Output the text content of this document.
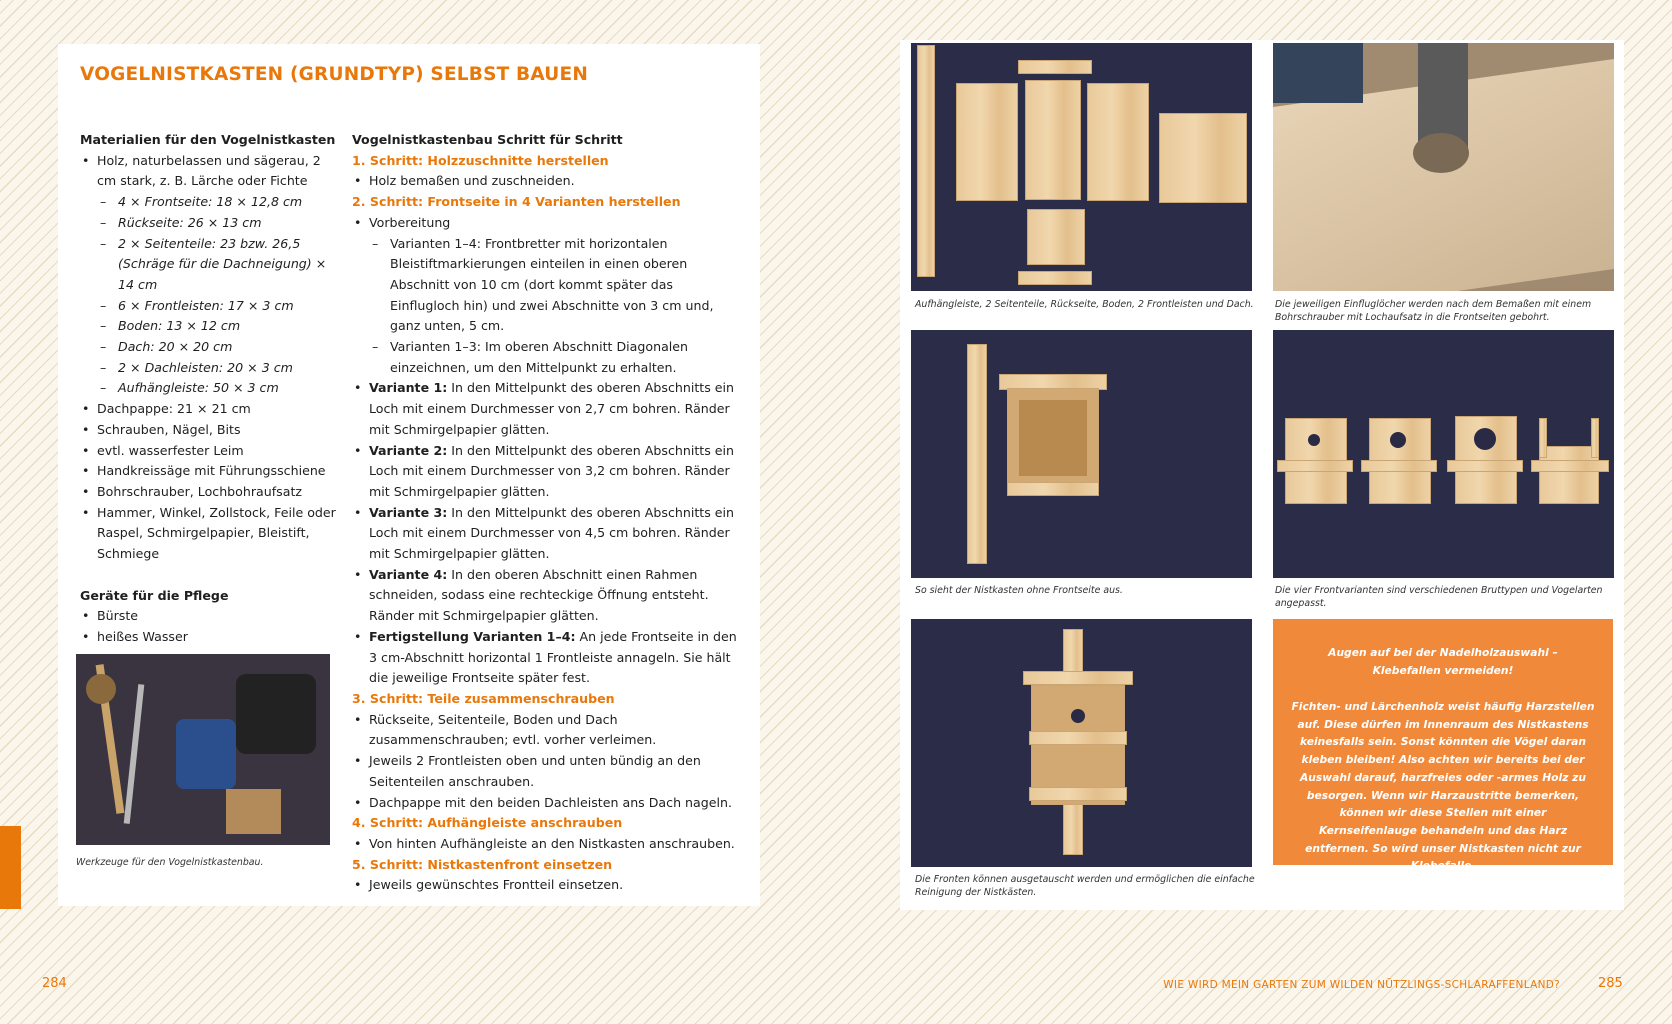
VOGELNISTKASTEN (GRUNDTYP) SELBST BAUEN
Materialien für den Vogelnistkasten
• Holz, naturbelassen und sägerau, 2 cm stark, z. B. Lärche oder Fichte
– 4 × Frontseite: 18 × 12,8 cm
– Rückseite: 26 × 13 cm
– 2 × Seitenteile: 23 bzw. 26,5 (Schräge für die Dachneigung) × 14 cm
– 6 × Frontleisten: 17 × 3 cm
– Boden: 13 × 12 cm
– Dach: 20 × 20 cm
– 2 × Dachleisten: 20 × 3 cm
– Aufhängleiste: 50 × 3 cm
• Dachpappe: 21 × 21 cm
• Schrauben, Nägel, Bits
• evtl. wasserfester Leim
• Handkreissäge mit Führungsschiene
• Bohrschrauber, Lochbohraufsatz
• Hammer, Winkel, Zollstock, Feile oder Raspel, Schmirgelpapier, Bleistift, Schmiege
Geräte für die Pflege
• Bürste
• heißes Wasser
Vogelnistkastenbau Schritt für Schritt
1. Schritt: Holzzuschnitte herstellen
• Holz bemaßen und zuschneiden.
2. Schritt: Frontseite in 4 Varianten herstellen
• Vorbereitung
– Varianten 1–4: Frontbretter mit horizontalen Bleistiftmarkierungen einteilen in einen oberen Abschnitt von 10 cm (dort kommt später das Einflugloch hin) und zwei Abschnitte von 3 cm und, ganz unten, 5 cm.
– Varianten 1–3: Im oberen Abschnitt Diagonalen einzeichnen, um den Mittelpunkt zu erhalten.
• Variante 1: In den Mittelpunkt des oberen Abschnitts ein Loch mit einem Durchmesser von 2,7 cm bohren. Ränder mit Schmirgelpapier glätten.
• Variante 2: In den Mittelpunkt des oberen Abschnitts ein Loch mit einem Durchmesser von 3,2 cm bohren. Ränder mit Schmirgelpapier glätten.
• Variante 3: In den Mittelpunkt des oberen Abschnitts ein Loch mit einem Durchmesser von 4,5 cm bohren. Ränder mit Schmirgelpapier glätten.
• Variante 4: In den oberen Abschnitt einen Rahmen schneiden, sodass eine rechteckige Öffnung entsteht. Ränder mit Schmirgelpapier glätten.
• Fertigstellung Varianten 1–4: An jede Frontseite in den 3 cm-Abschnitt horizontal 1 Frontleiste annageln. Sie hält die jeweilige Frontseite später fest.
3. Schritt: Teile zusammenschrauben
• Rückseite, Seitenteile, Boden und Dach zusammenschrauben; evtl. vorher verleimen.
• Jeweils 2 Frontleisten oben und unten bündig an den Seitenteilen anschrauben.
• Dachpappe mit den beiden Dachleisten ans Dach nageln.
4. Schritt: Aufhängleiste anschrauben
• Von hinten Aufhängleiste an den Nistkasten anschrauben.
5. Schritt: Nistkastenfront einsetzen
• Jeweils gewünschtes Frontteil einsetzen.
Werkzeuge für den Vogelnistkastenbau.
Aufhängleiste, 2 Seitenteile, Rückseite, Boden, 2 Frontleisten und Dach. Die jeweiligen Einfluglöcher werden nach dem Bemaßen mit einem Bohrschrauber mit Lochaufsatz in die Frontseiten gebohrt.
So sieht der Nistkasten ohne Frontseite aus.	Die vier Frontvarianten sind verschiedenen Bruttypen und Vogelarten angepasst.
Die Fronten können ausgetauscht werden und ermöglichen die einfache Reinigung der Nistkästen.
Augen auf bei der Nadelholzauswahl – Klebefallen vermeiden!
Fichten- und Lärchenholz weist häufig Harzstellen auf. Diese dürfen im Innenraum des Nistkastens keinesfalls sein. Sonst könnten die Vögel daran kleben bleiben! Also achten wir bereits bei der Auswahl darauf, harzfreies oder -armes Holz zu besorgen. Wenn wir Harzaustritte bemerken, können wir diese Stellen mit einer Kernseifenlauge behandeln und das Harz entfernen. So wird unser Nistkasten nicht zur Klebefalle.
284	WIE WIRD MEIN GARTEN ZUM WILDEN NÜTZLINGS-SCHLARAFFENLAND?	285
